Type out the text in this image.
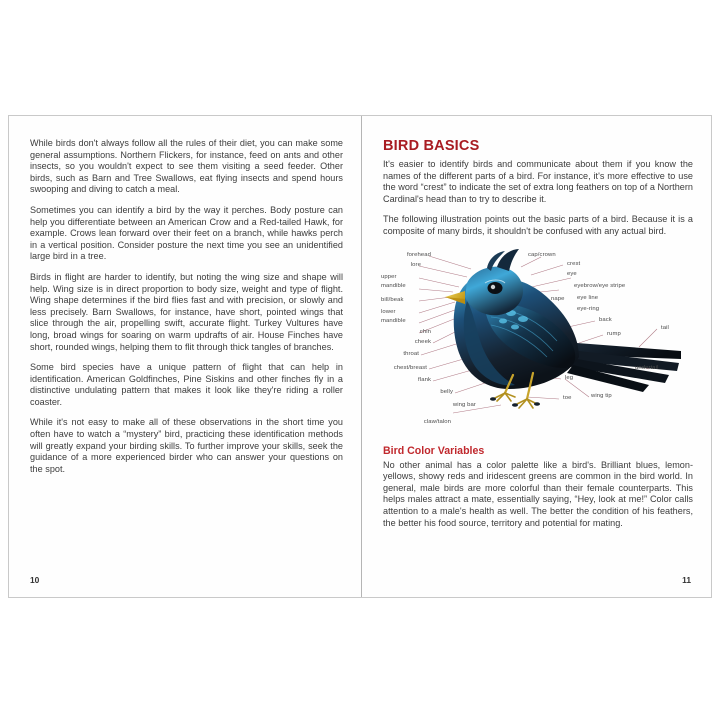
While birds don't always follow all the rules of their diet, you can make some general assumptions. Northern Flickers, for instance, feed on ants and other insects, so you wouldn't expect to see them visiting a seed feeder. Other birds, such as Barn and Tree Swallows, eat flying insects and spend hours swooping and diving to catch a meal.

Sometimes you can identify a bird by the way it perches. Body posture can help you differentiate between an American Crow and a Red-tailed Hawk, for example. Crows lean forward over their feet on a branch, while hawks perch in a vertical position. Consider posture the next time you see an unidentified large bird in a tree.

Birds in flight are harder to identify, but noting the wing size and shape will help. Wing size is in direct proportion to body size, weight and type of flight. Wing shape determines if the bird flies fast and with precision, or slowly and less precisely. Barn Swallows, for instance, have short, pointed wings that slice through the air, propelling swift, accurate flight. Turkey Vultures have long, broad wings for soaring on warm updrafts of air. House Finches have short, rounded wings, helping them to flit through thick tangles of branches.

Some bird species have a unique pattern of flight that can help in identification. American Goldfinches, Pine Siskins and other finches fly in a distinctive undulating pattern that makes it look like they're riding a roller coaster.

While it's not easy to make all of these observations in the short time you often have to watch a “mystery” bird, practicing these identification methods will greatly expand your birding skills. To further improve your skills, seek the guidance of a more experienced birder who can answer your questions on the spot.

10
BIRD BASICS

It's easier to identify birds and communicate about them if you know the names of the different parts of a bird. For instance, it's more effective to use the word “crest” to indicate the set of extra long feathers on top of a Northern Cardinal's head than to try to describe it.

The following illustration points out the basic parts of a bird. Because it is a composite of many birds, it shouldn't be confused with any actual bird.

forehead
lore
upper
mandible
bill/beak
lower
mandible
chin
cheek
throat
chest/breast
flank
belly
wing bar
claw/talon
cap/crown
crest
eye
eyebrow/eye stripe
eye line
nape
eye-ring
back
rump
tail
undertail
wing tip
leg
toe
Bird Color Variables

No other animal has a color palette like a bird's. Brilliant blues, lemon-yellows, showy reds and iridescent greens are common in the bird world. In general, male birds are more colorful than their female counterparts. This helps males attract a mate, essentially saying, “Hey, look at me!” Color calls attention to a male's health as well. The better the condition of his feathers, the better his food source, territory and potential for mating.

11
